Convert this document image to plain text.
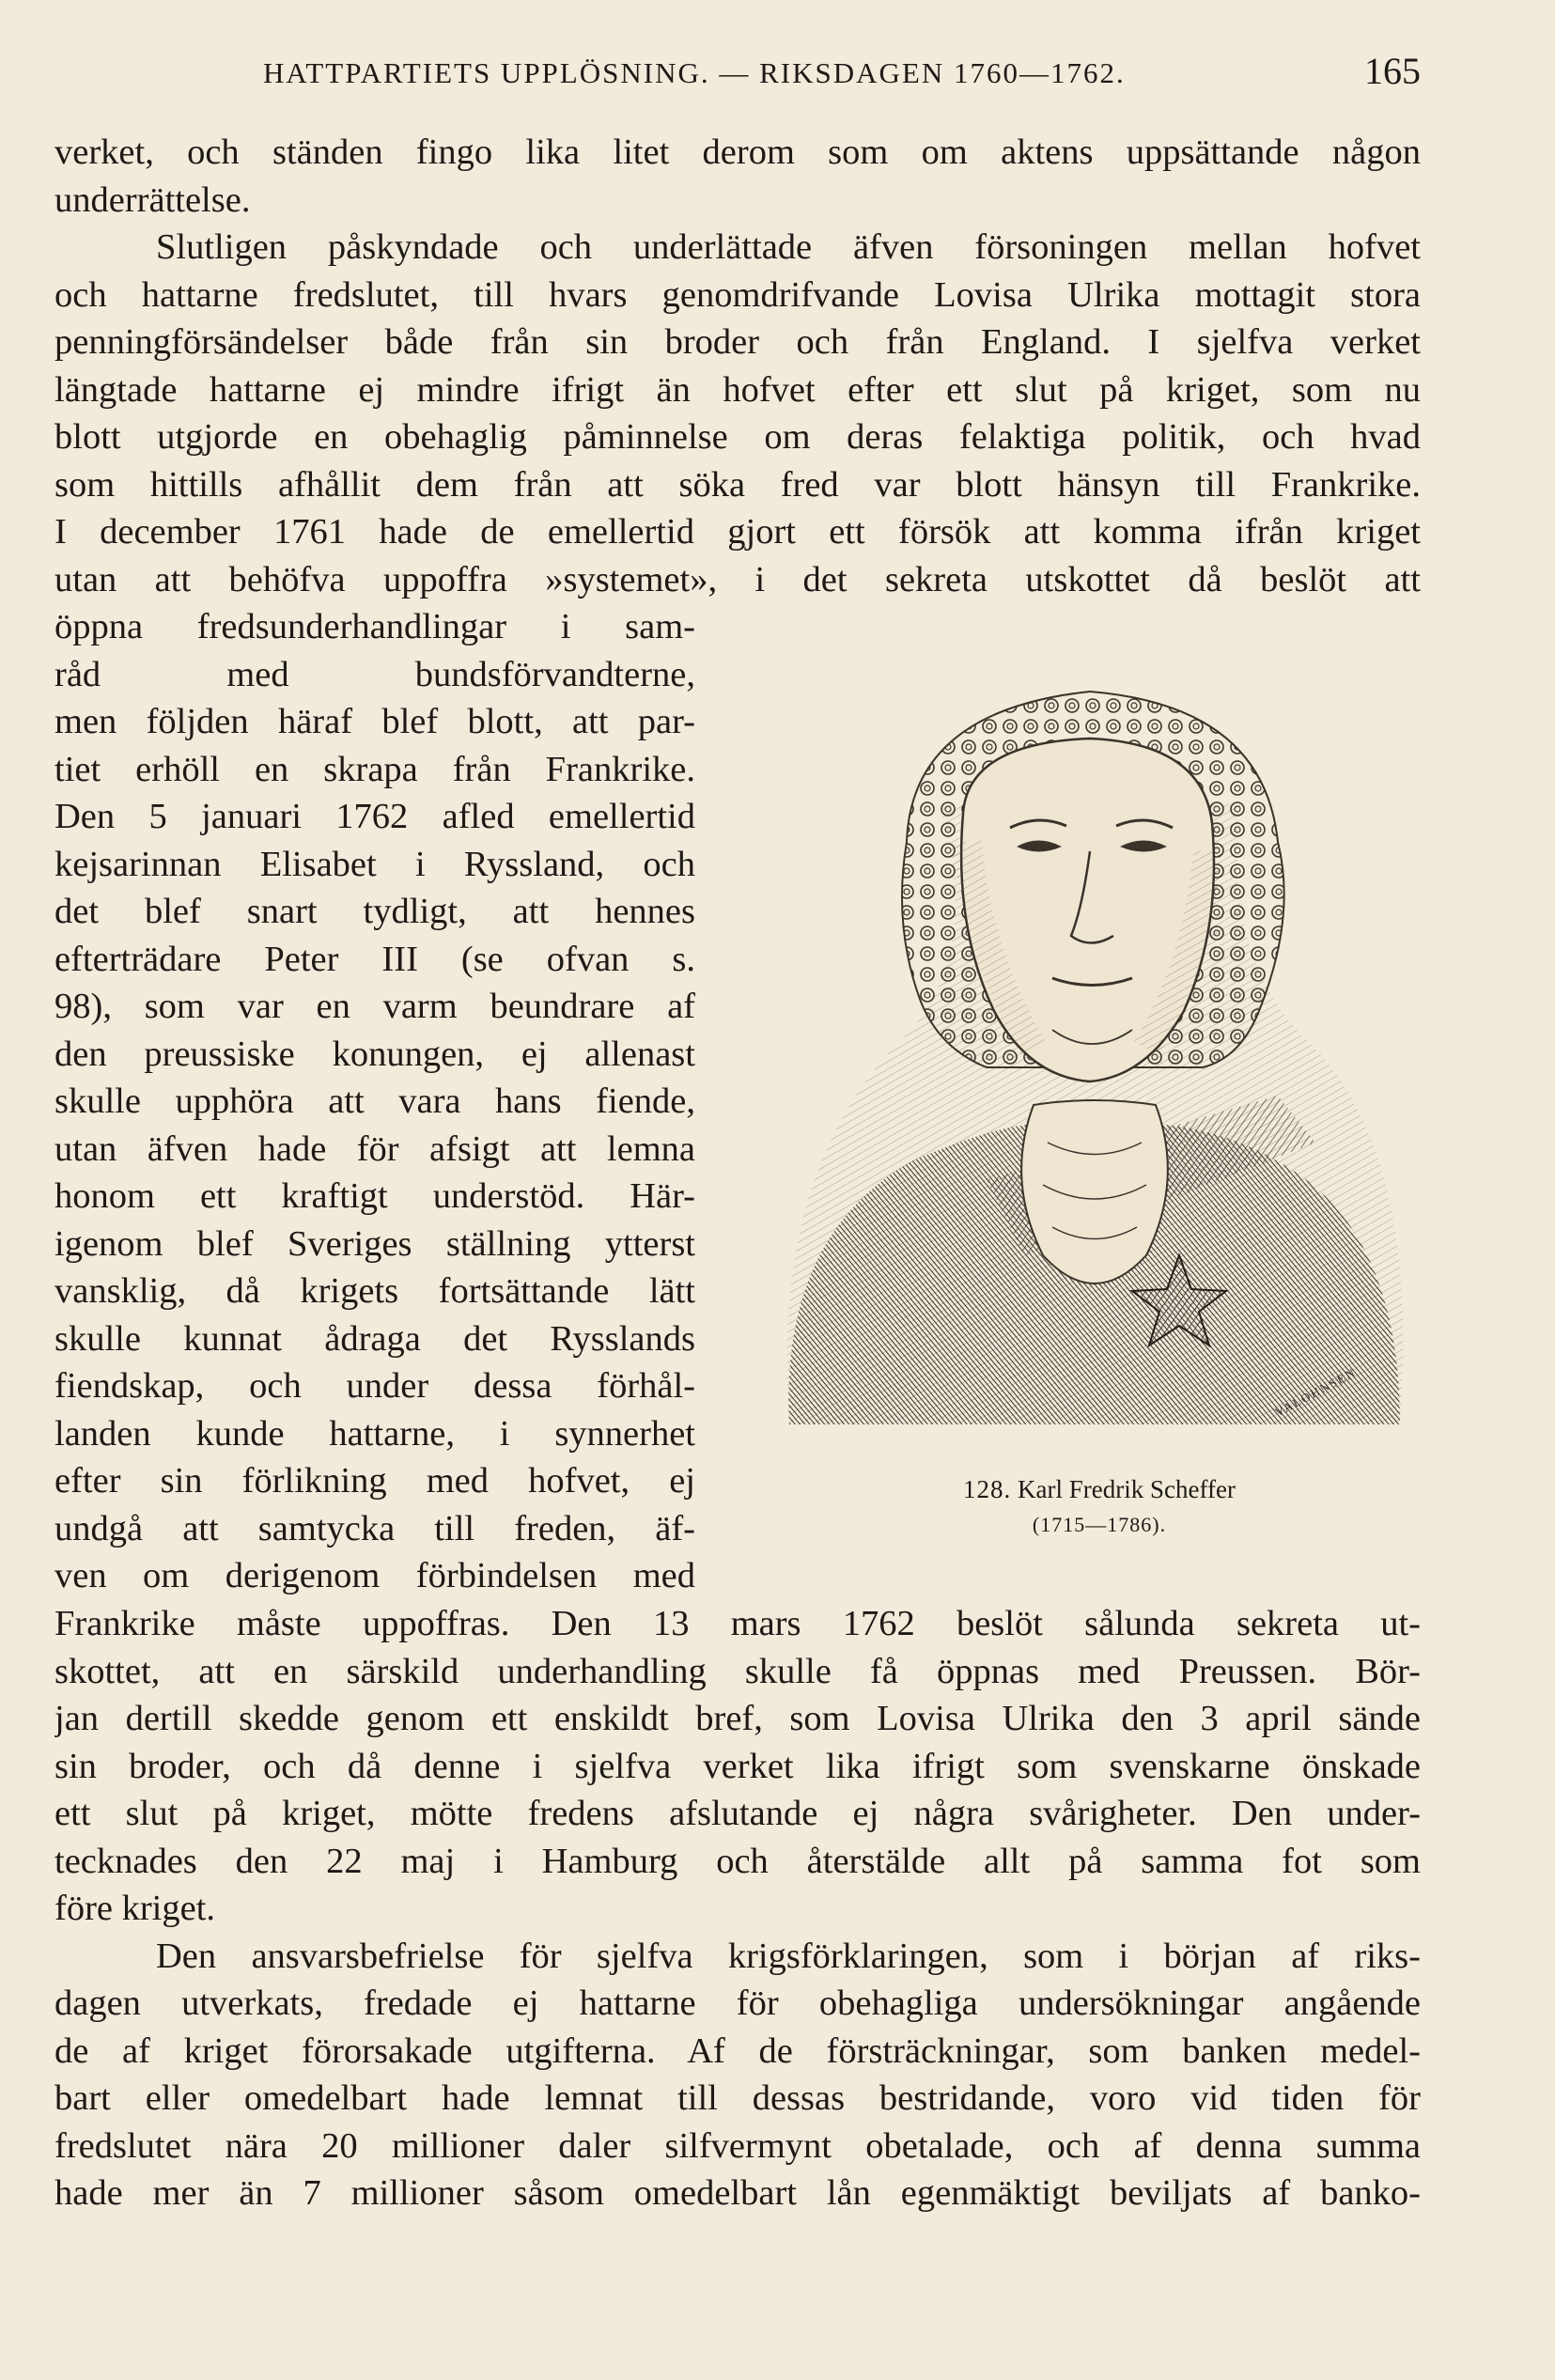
HATTPARTIETS UPPLÖSNING. — RIKSDAGEN 1760—1762.	165
verket, och ständen fingo lika litet derom som om aktens uppsättande någon
underrättelse.
Slutligen påskyndade och underlättade äfven försoningen mellan hofvet
och hattarne fredslutet, till hvars genomdrifvande Lovisa Ulrika mottagit stora
penningförsändelser både från sin broder och från England. I sjelfva verket
längtade hattarne ej mindre ifrigt än hofvet efter ett slut på kriget, som nu
blott utgjorde en obehaglig påminnelse om deras felaktiga politik, och hvad
som hittills afhållit dem från att söka fred var blott hänsyn till Frankrike.
I december 1761 hade de emellertid gjort ett försök att komma ifrån kriget
utan att behöfva uppoffra »systemet», i det sekreta utskottet då beslöt att
öppna fredsunderhandlingar i sam-
råd med bundsförvandterne,
men följden häraf blef blott, att par-
tiet erhöll en skrapa från Frankrike.
Den 5 januari 1762 afled emellertid
kejsarinnan Elisabet i Ryssland, och
det blef snart tydligt, att hennes
efterträdare Peter III (se ofvan s.
98), som var en varm beundrare af
den preussiske konungen, ej allenast
skulle upphöra att vara hans fiende,
utan äfven hade för afsigt att lemna
honom ett kraftigt understöd. Här-
igenom blef Sveriges ställning ytterst
vansklig, då krigets fortsättande lätt
skulle kunnat ådraga det Rysslands
fiendskap, och under dessa förhål-
landen kunde hattarne, i synnerhet
efter sin förlikning med hofvet, ej
undgå att samtycka till freden, äf-
ven om derigenom förbindelsen med
VALOHNSEN
128. Karl Fredrik Scheffer
(1715—1786).
Frankrike måste uppoffras. Den 13 mars 1762 beslöt sålunda sekreta ut-
skottet, att en särskild underhandling skulle få öppnas med Preussen. Bör-
jan dertill skedde genom ett enskildt bref, som Lovisa Ulrika den 3 april sände
sin broder, och då denne i sjelfva verket lika ifrigt som svenskarne önskade
ett slut på kriget, mötte fredens afslutande ej några svårigheter. Den under-
tecknades den 22 maj i Hamburg och återstälde allt på samma fot som
före kriget.
Den ansvarsbefrielse för sjelfva krigsförklaringen, som i början af riks-
dagen utverkats, fredade ej hattarne för obehagliga undersökningar angående
de af kriget förorsakade utgifterna. Af de försträckningar, som banken medel-
bart eller omedelbart hade lemnat till dessas bestridande, voro vid tiden för
fredslutet nära 20 millioner daler silfvermynt obetalade, och af denna summa
hade mer än 7 millioner såsom omedelbart lån egenmäktigt beviljats af banko-
